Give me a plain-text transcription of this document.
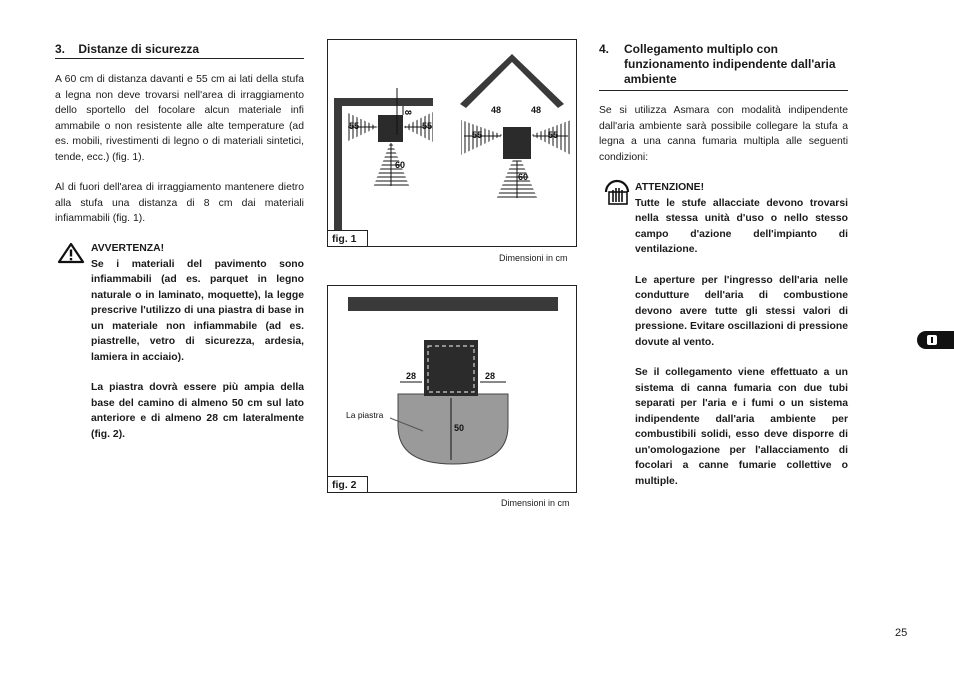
3.    Distanze di sicurezza

A 60 cm di distanza davanti e 55 cm ai lati della stufa a legna non deve trovarsi nell'area di irraggiamento dello sportello del focolare alcun materiale infi ammabile o non resistente alle alte temperature (ad es. mobili, rivestimenti di legno o di materiali sintetici, tende, ecc.) (fig. 1).

Al di fuori dell'area di irraggiamento mantenere dietro alla stufa una distanza di 8 cm dai materiali infiammabili (fig. 1).

AVVERTENZA!

Se i materiali del pavimento sono infiammabili (ad es. parquet in legno naturale o in laminato, moquette), la legge prescrive l'utilizzo di una piastra di base in un materiale non infiammabile (ad es. piastrelle, vetro di sicurezza, ardesia, lamiera in acciaio).

La piastra dovrà essere più ampia della base del camino di almeno 50 cm sul lato anteriore e di almeno 28 cm lateralmente (fig. 2).

8
55	55
60
48	48
55	55
60
fig. 1
Dimensioni in cm
28	28
50
La piastra
fig. 2
Dimensioni in cm
4. Collegamento multiplo con funzionamento indipendente dall'aria ambiente
Se si utilizza Asmara con modalità indipendente dall'aria ambiente sarà possibile collegare la stufa a legna a una canna fumaria multipla alle seguenti condizioni:
ATTENZIONE!

Tutte le stufe allacciate devono trovarsi nella stessa unità d'uso o nello stesso campo d'azione dell'impianto di ventilazione.

Le aperture per l'ingresso dell'aria nelle condutture dell'aria di combustione devono avere tutte gli stessi valori di pressione. Evitare oscillazioni di pressione dovute al vento.

Se il collegamento viene effettuato a un sistema di canna fumaria con due tubi separati per l'aria e i fumi o un sistema indipendente dall'aria ambiente per combustibili solidi, esso deve disporre di un'omologazione per l'allacciamento di focolari a canne fumarie collettive o multiple.

25
